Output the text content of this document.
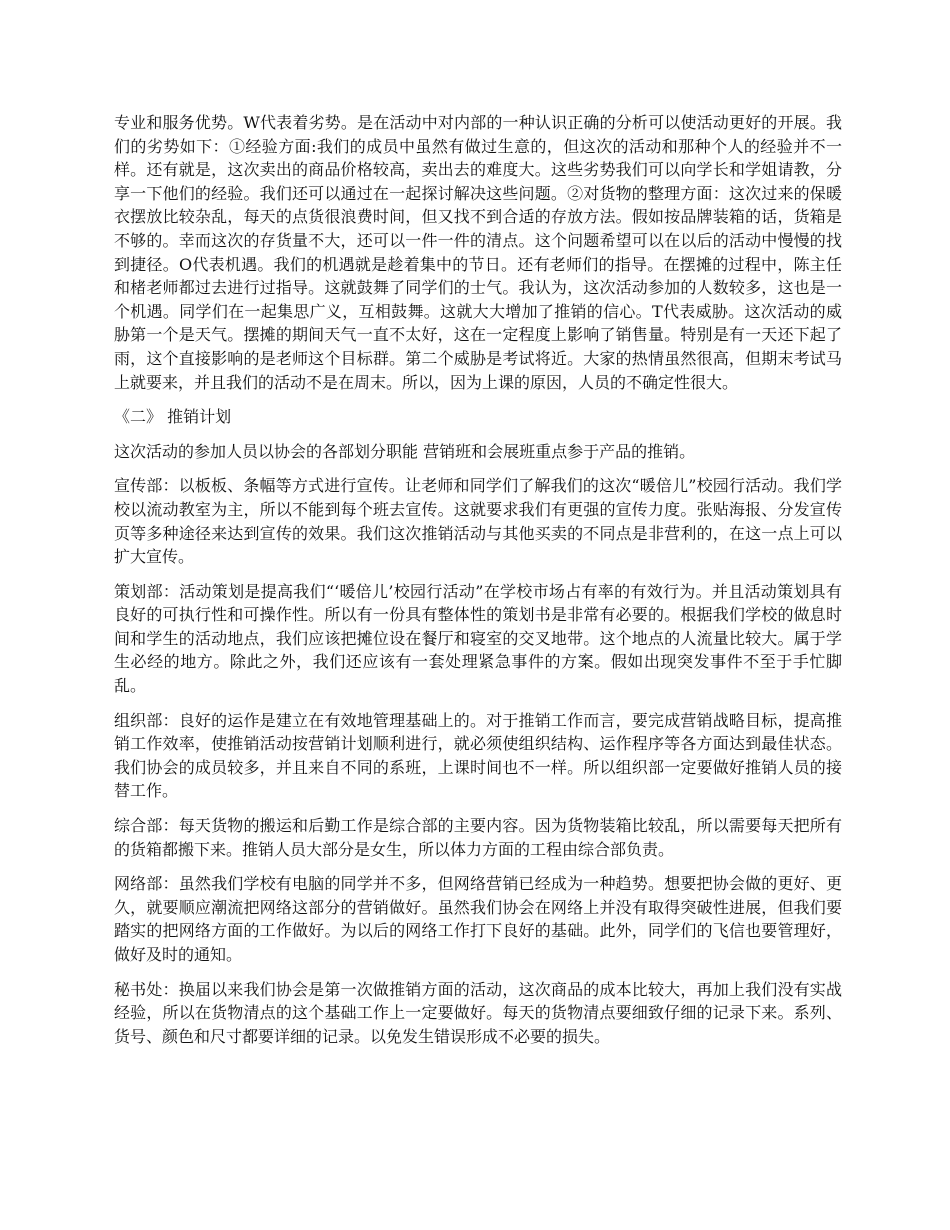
专业和服务优势。W代表着劣势。是在活动中对内部的一种认识正确的分析可以使活动更好的开展。我们的劣势如下：①经验方面:我们的成员中虽然有做过生意的，但这次的活动和那种个人的经验并不一样。还有就是，这次卖出的商品价格较高，卖出去的难度大。这些劣势我们可以向学长和学姐请教，分享一下他们的经验。我们还可以通过在一起探讨解决这些问题。②对货物的整理方面：这次过来的保暖衣摆放比较杂乱，每天的点货很浪费时间，但又找不到合适的存放方法。假如按品牌装箱的话，货箱是不够的。幸而这次的存货量不大，还可以一件一件的清点。这个问题希望可以在以后的活动中慢慢的找到捷径。O代表机遇。我们的机遇就是趁着集中的节日。还有老师们的指导。在摆摊的过程中，陈主任和楮老师都过去进行过指导。这就鼓舞了同学们的士气。我认为，这次活动参加的人数较多，这也是一个机遇。同学们在一起集思广义，互相鼓舞。这就大大增加了推销的信心。T代表威胁。这次活动的威胁第一个是天气。摆摊的期间天气一直不太好，这在一定程度上影响了销售量。特别是有一天还下起了雨，这个直接影响的是老师这个目标群。第二个威胁是考试将近。大家的热情虽然很高，但期末考试马上就要来，并且我们的活动不是在周末。所以，因为上课的原因，人员的不确定性很大。

《二》 推销计划

这次活动的参加人员以协会的各部划分职能 营销班和会展班重点参于产品的推销。

宣传部：以板板、条幅等方式进行宣传。让老师和同学们了解我们的这次“暖倍儿”校园行活动。我们学校以流动教室为主，所以不能到每个班去宣传。这就要求我们有更强的宣传力度。张贴海报、分发宣传页等多种途径来达到宣传的效果。我们这次推销活动与其他买卖的不同点是非营利的，在这一点上可以扩大宣传。

策划部：活动策划是提高我们“‘暖倍儿’校园行活动”在学校市场占有率的有效行为。并且活动策划具有良好的可执行性和可操作性。所以有一份具有整体性的策划书是非常有必要的。根据我们学校的做息时间和学生的活动地点，我们应该把摊位设在餐厅和寝室的交叉地带。这个地点的人流量比较大。属于学生必经的地方。除此之外，我们还应该有一套处理紧急事件的方案。假如出现突发事件不至于手忙脚乱。

组织部：良好的运作是建立在有效地管理基础上的。对于推销工作而言，要完成营销战略目标，提高推销工作效率，使推销活动按营销计划顺利进行，就必须使组织结构、运作程序等各方面达到最佳状态。我们协会的成员较多，并且来自不同的系班，上课时间也不一样。所以组织部一定要做好推销人员的接替工作。

综合部：每天货物的搬运和后勤工作是综合部的主要内容。因为货物装箱比较乱，所以需要每天把所有的货箱都搬下来。推销人员大部分是女生，所以体力方面的工程由综合部负责。

网络部：虽然我们学校有电脑的同学并不多，但网络营销已经成为一种趋势。想要把协会做的更好、更久，就要顺应潮流把网络这部分的营销做好。虽然我们协会在网络上并没有取得突破性进展，但我们要踏实的把网络方面的工作做好。为以后的网络工作打下良好的基础。此外，同学们的飞信也要管理好，做好及时的通知。

秘书处：换届以来我们协会是第一次做推销方面的活动，这次商品的成本比较大，再加上我们没有实战经验，所以在货物清点的这个基础工作上一定要做好。每天的货物清点要细致仔细的记录下来。系列、货号、颜色和尺寸都要详细的记录。以免发生错误形成不必要的损失。
